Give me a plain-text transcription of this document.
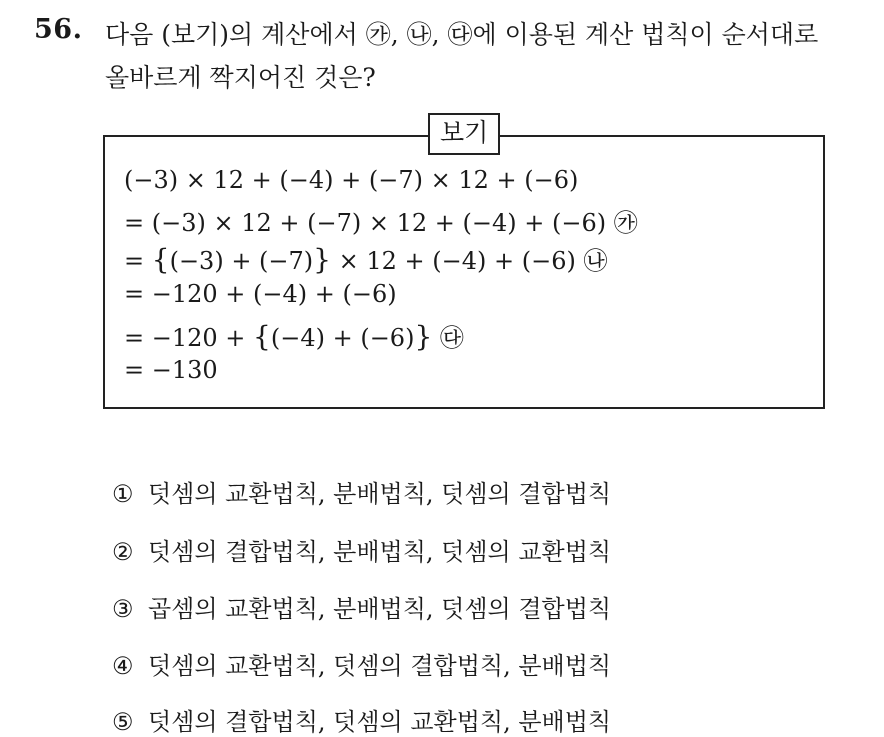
56. 다음 (보기)의 계산에서 ㉮, ㉯, ㉰에 이용된 계산 법칙이 순서대로
올바르게 짝지어진 것은?
보기
(−3) × 12 + (−4) + (−7) × 12 + (−6)
= (−3) × 12 + (−7) × 12 + (−4) + (−6) ㉮
= {(−3) + (−7)} × 12 + (−4) + (−6) ㉯
= −120 + (−4) + (−6)
= −120 + {(−4) + (−6)} ㉰
= −130
① 덧셈의 교환법칙, 분배법칙, 덧셈의 결합법칙
② 덧셈의 결합법칙, 분배법칙, 덧셈의 교환법칙
③ 곱셈의 교환법칙, 분배법칙, 덧셈의 결합법칙
④ 덧셈의 교환법칙, 덧셈의 결합법칙, 분배법칙
⑤ 덧셈의 결합법칙, 덧셈의 교환법칙, 분배법칙
